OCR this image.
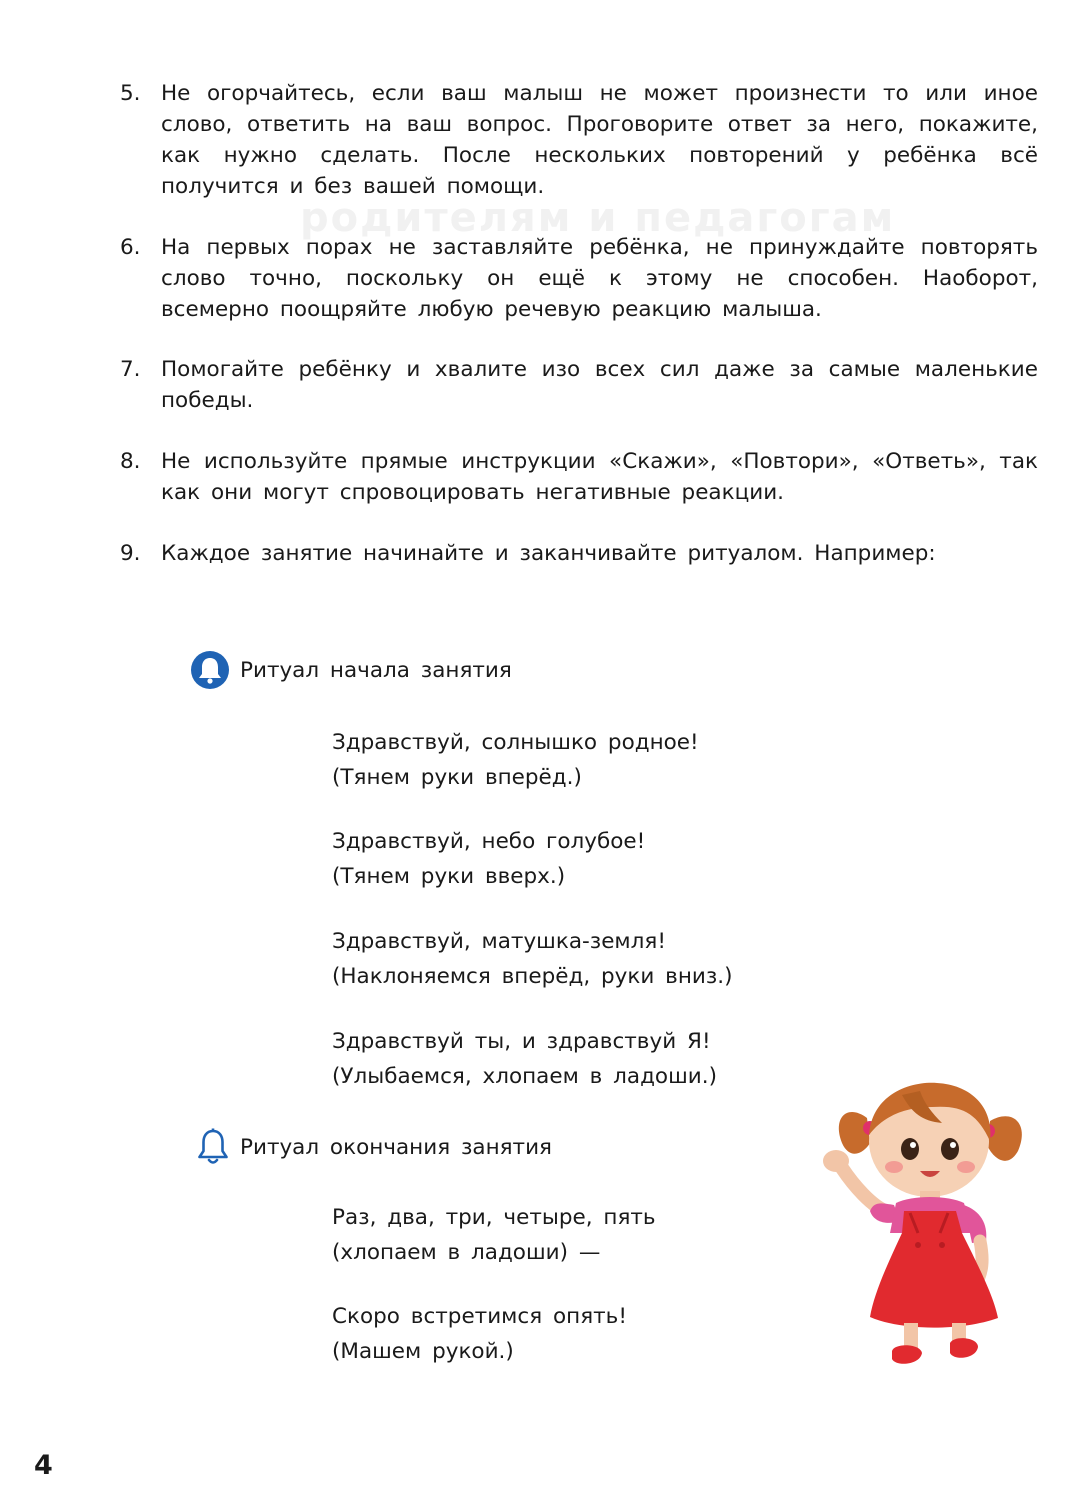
родителям и педагогам
5. Не огорчайтесь, если ваш малыш не может произнести то или иное слово, ответить на ваш вопрос. Проговорите ответ за него, покажите, как нужно сделать. После нескольких повторений у ребёнка всё получится и без вашей помощи.
6. На первых порах не заставляйте ребёнка, не принуждайте повторять слово точно, поскольку он ещё к этому не способен. Наоборот, всемерно поощряйте любую речевую реакцию малыша.
7. Помогайте ребёнку и хвалите изо всех сил даже за самые маленькие победы.
8. Не используйте прямые инструкции «Скажи», «Повтори», «Ответь», так как они могут спровоцировать негативные реакции.
9. Каждое занятие начинайте и заканчивайте ритуалом. Например:
Ритуал начала занятия
Здравствуй, солнышко родное!
(Тянем руки вперёд.)
Здравствуй, небо голубое!
(Тянем руки вверх.)
Здравствуй, матушка-земля!
(Наклоняемся вперёд, руки вниз.)
Здравствуй ты, и здравствуй Я!
(Улыбаемся, хлопаем в ладоши.)
Ритуал окончания занятия
Раз, два, три, четыре, пять
(хлопаем в ладоши) —
Скоро встретимся опять!
(Машем рукой.)
4
